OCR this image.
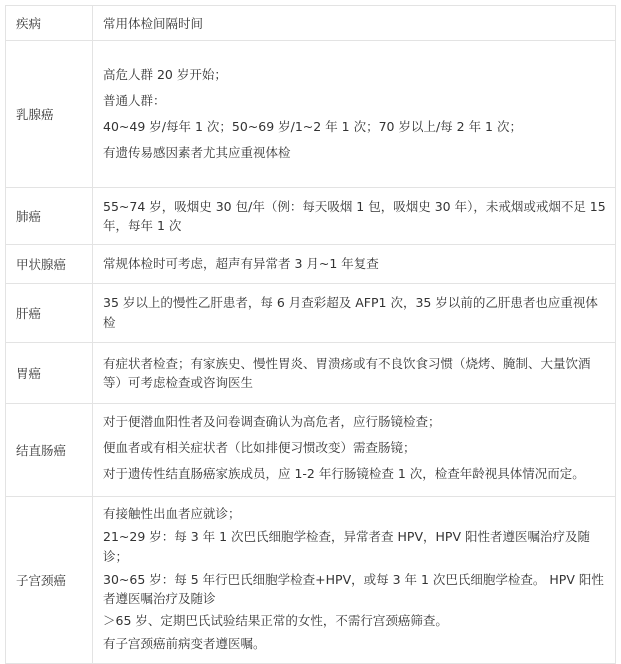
疾病	常用体检间隔时间
乳腺癌	高危人群 20 岁开始；
普通人群：
40~49 岁/每年 1 次；50~69 岁/1~2 年 1 次；70 岁以上/每 2 年 1 次；
有遗传易感因素者尤其应重视体检

肺癌	55~74 岁，吸烟史 30 包/年（例：每天吸烟 1 包，吸烟史 30 年），未戒烟或戒烟不足 15 年，每年 1 次

甲状腺癌	常规体检时可考虑，超声有异常者 3 月~1 年复查

肝癌	35 岁以上的慢性乙肝患者，每 6 月查彩超及 AFP1 次，35 岁以前的乙肝患者也应重视体检

胃癌	有症状者检查；有家族史、慢性胃炎、胃溃疡或有不良饮食习惯（烧烤、腌制、大量饮酒等）可考虑检查或咨询医生

结直肠癌	对于便潜血阳性者及问卷调查确认为高危者，应行肠镜检查；
便血者或有相关症状者（比如排便习惯改变）需查肠镜；
对于遗传性结直肠癌家族成员，应 1-2 年行肠镜检查 1 次，检查年龄视具体情况而定。

子宫颈癌	有接触性出血者应就诊；
21~29 岁：每 3 年 1 次巴氏细胞学检查，异常者查 HPV，HPV 阳性者遵医嘱治疗及随诊；
30~65 岁：每 5 年行巴氏细胞学检查+HPV，或每 3 年 1 次巴氏细胞学检查。 HPV 阳性者遵医嘱治疗及随诊
＞65 岁、定期巴氏试验结果正常的女性，不需行宫颈癌筛查。
有子宫颈癌前病变者遵医嘱。
